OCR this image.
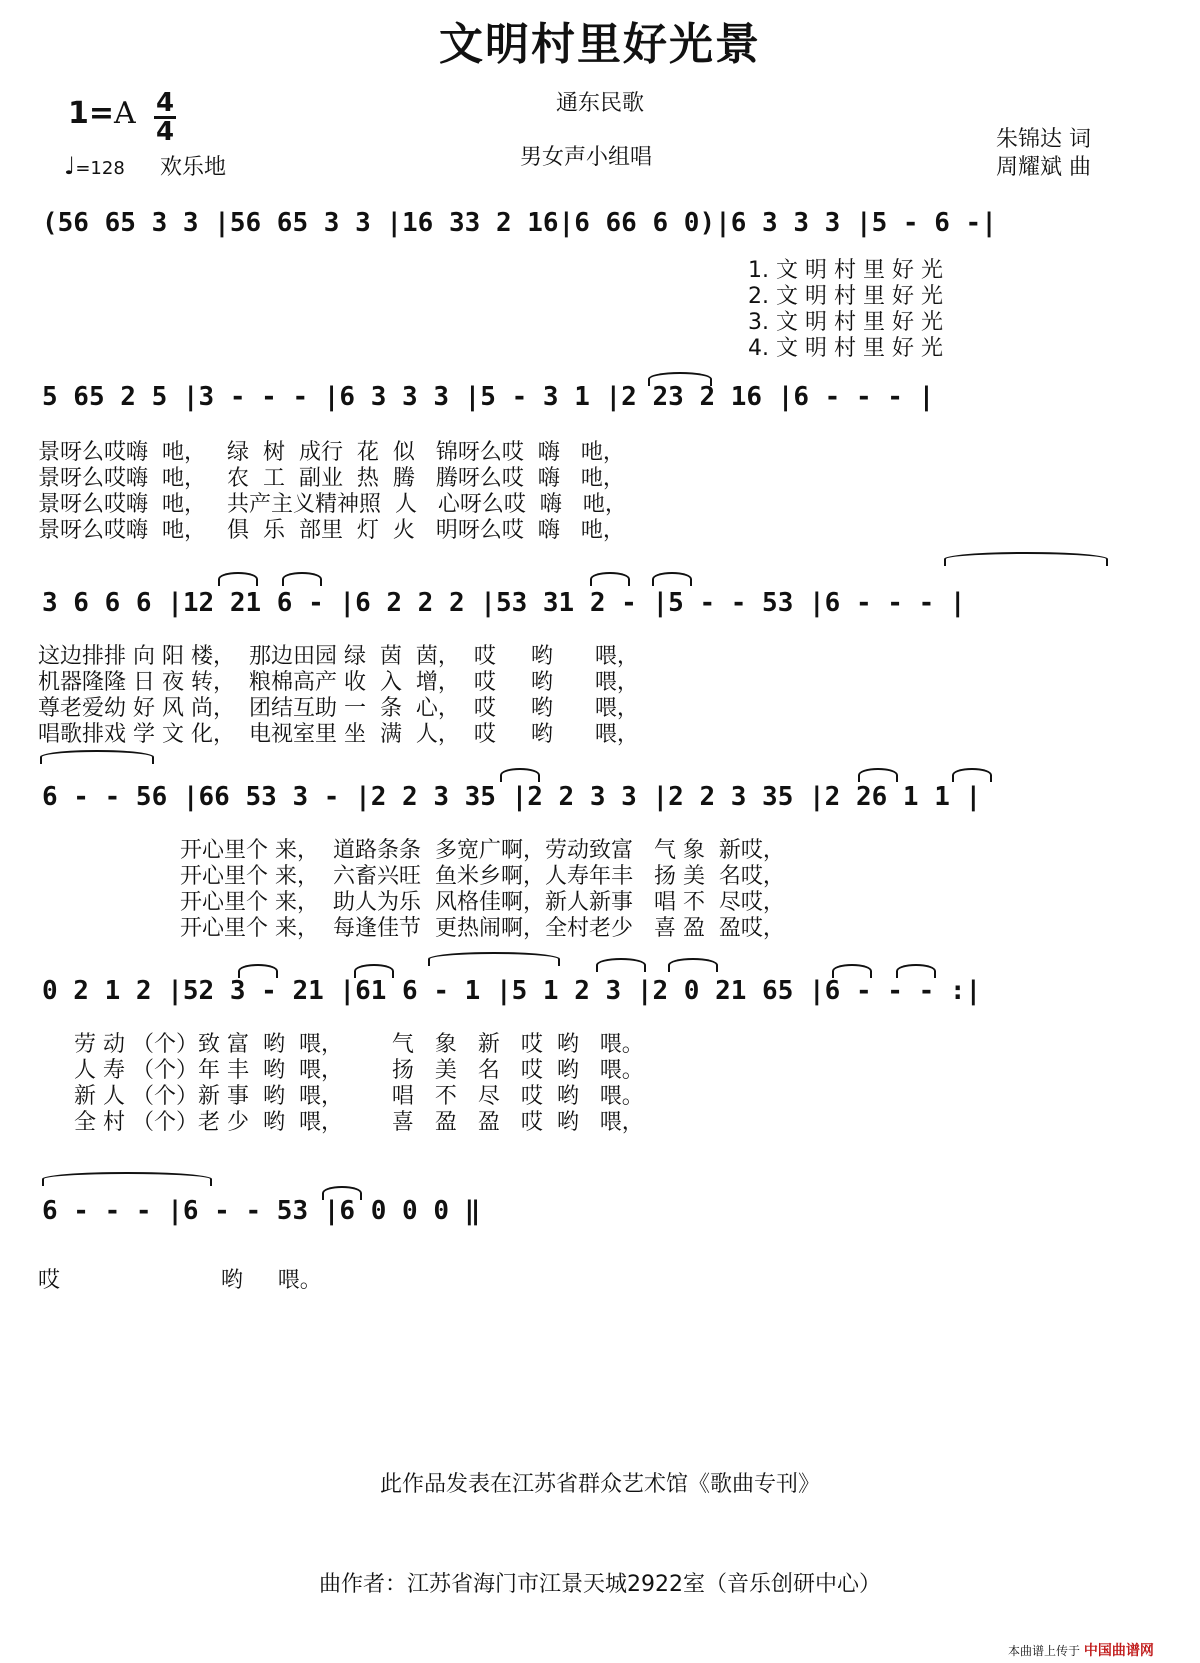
文明村里好光景
通东民歌
男女声小组唱
1=A 4
4
♩=128 欢乐地
朱锦达 词
周耀斌 曲
(56 65 3 3 |56 65 3 3 |16 33 2 16|6 66 6 0)|6 3 3 3 |5 - 6 -|
1. 文 明 村 里 好 光
2. 文 明 村 里 好 光
3. 文 明 村 里 好 光
4. 文 明 村 里 好 光
5 65 2 5 |3 - - - |6 3 3 3 |5 - 3 1 |2 23 2 16 |6 - - - |
景呀么哎嗨  吔，   绿  树  成行  花  似   锦呀么哎  嗨   吔，
景呀么哎嗨  吔，   农  工  副业  热  腾   腾呀么哎  嗨   吔，
景呀么哎嗨  吔，   共产主义精神照  人   心呀么哎  嗨   吔，
景呀么哎嗨  吔，   俱  乐  部里  灯  火   明呀么哎  嗨   吔，
3 6 6 6 |12 21 6 - |6 2 2 2 |53 31 2 - |5 - - 53 |6 - - - |
这边排排 向 阳 楼，  那边田园 绿  茵  茵，  哎     哟      喂，
机器隆隆 日 夜 转，  粮棉高产 收  入  增，  哎     哟      喂，
尊老爱幼 好 风 尚，  团结互助 一  条  心，  哎     哟      喂，
唱歌排戏 学 文 化，  电视室里 坐  满  人，  哎     哟      喂，
6 - - 56 |66 53 3 - |2 2 3 35 |2 2 3 3 |2 2 3 35 |2 26 1 1 |
开心里个 来，  道路条条  多宽广啊，劳动致富   气 象  新哎，
开心里个 来，  六畜兴旺  鱼米乡啊，人寿年丰   扬 美  名哎，
开心里个 来，  助人为乐  风格佳啊，新人新事   唱 不  尽哎，
开心里个 来，  每逢佳节  更热闹啊，全村老少   喜 盈  盈哎，
0 2 1 2 |52 3 - 21 |61 6 - 1 |5 1 2 3 |2 0 21 65 |6 - - - :|
劳 动 （个）致 富  哟  喂，       气   象   新   哎  哟   喂。
人 寿 （个）年 丰  哟  喂，       扬   美   名   哎  哟   喂。
新 人 （个）新 事  哟  喂，       唱   不   尽   哎  哟   喂。
全 村 （个）老 少  哟  喂，       喜   盈   盈   哎  哟   喂，
6 - - - |6 - - 53 |6 0 0 0 ‖
哎                       哟     喂。
此作品发表在江苏省群众艺术馆《歌曲专刊》
曲作者：江苏省海门市江景天城2922室（音乐创研中心）
本曲谱上传于 中国曲谱网
